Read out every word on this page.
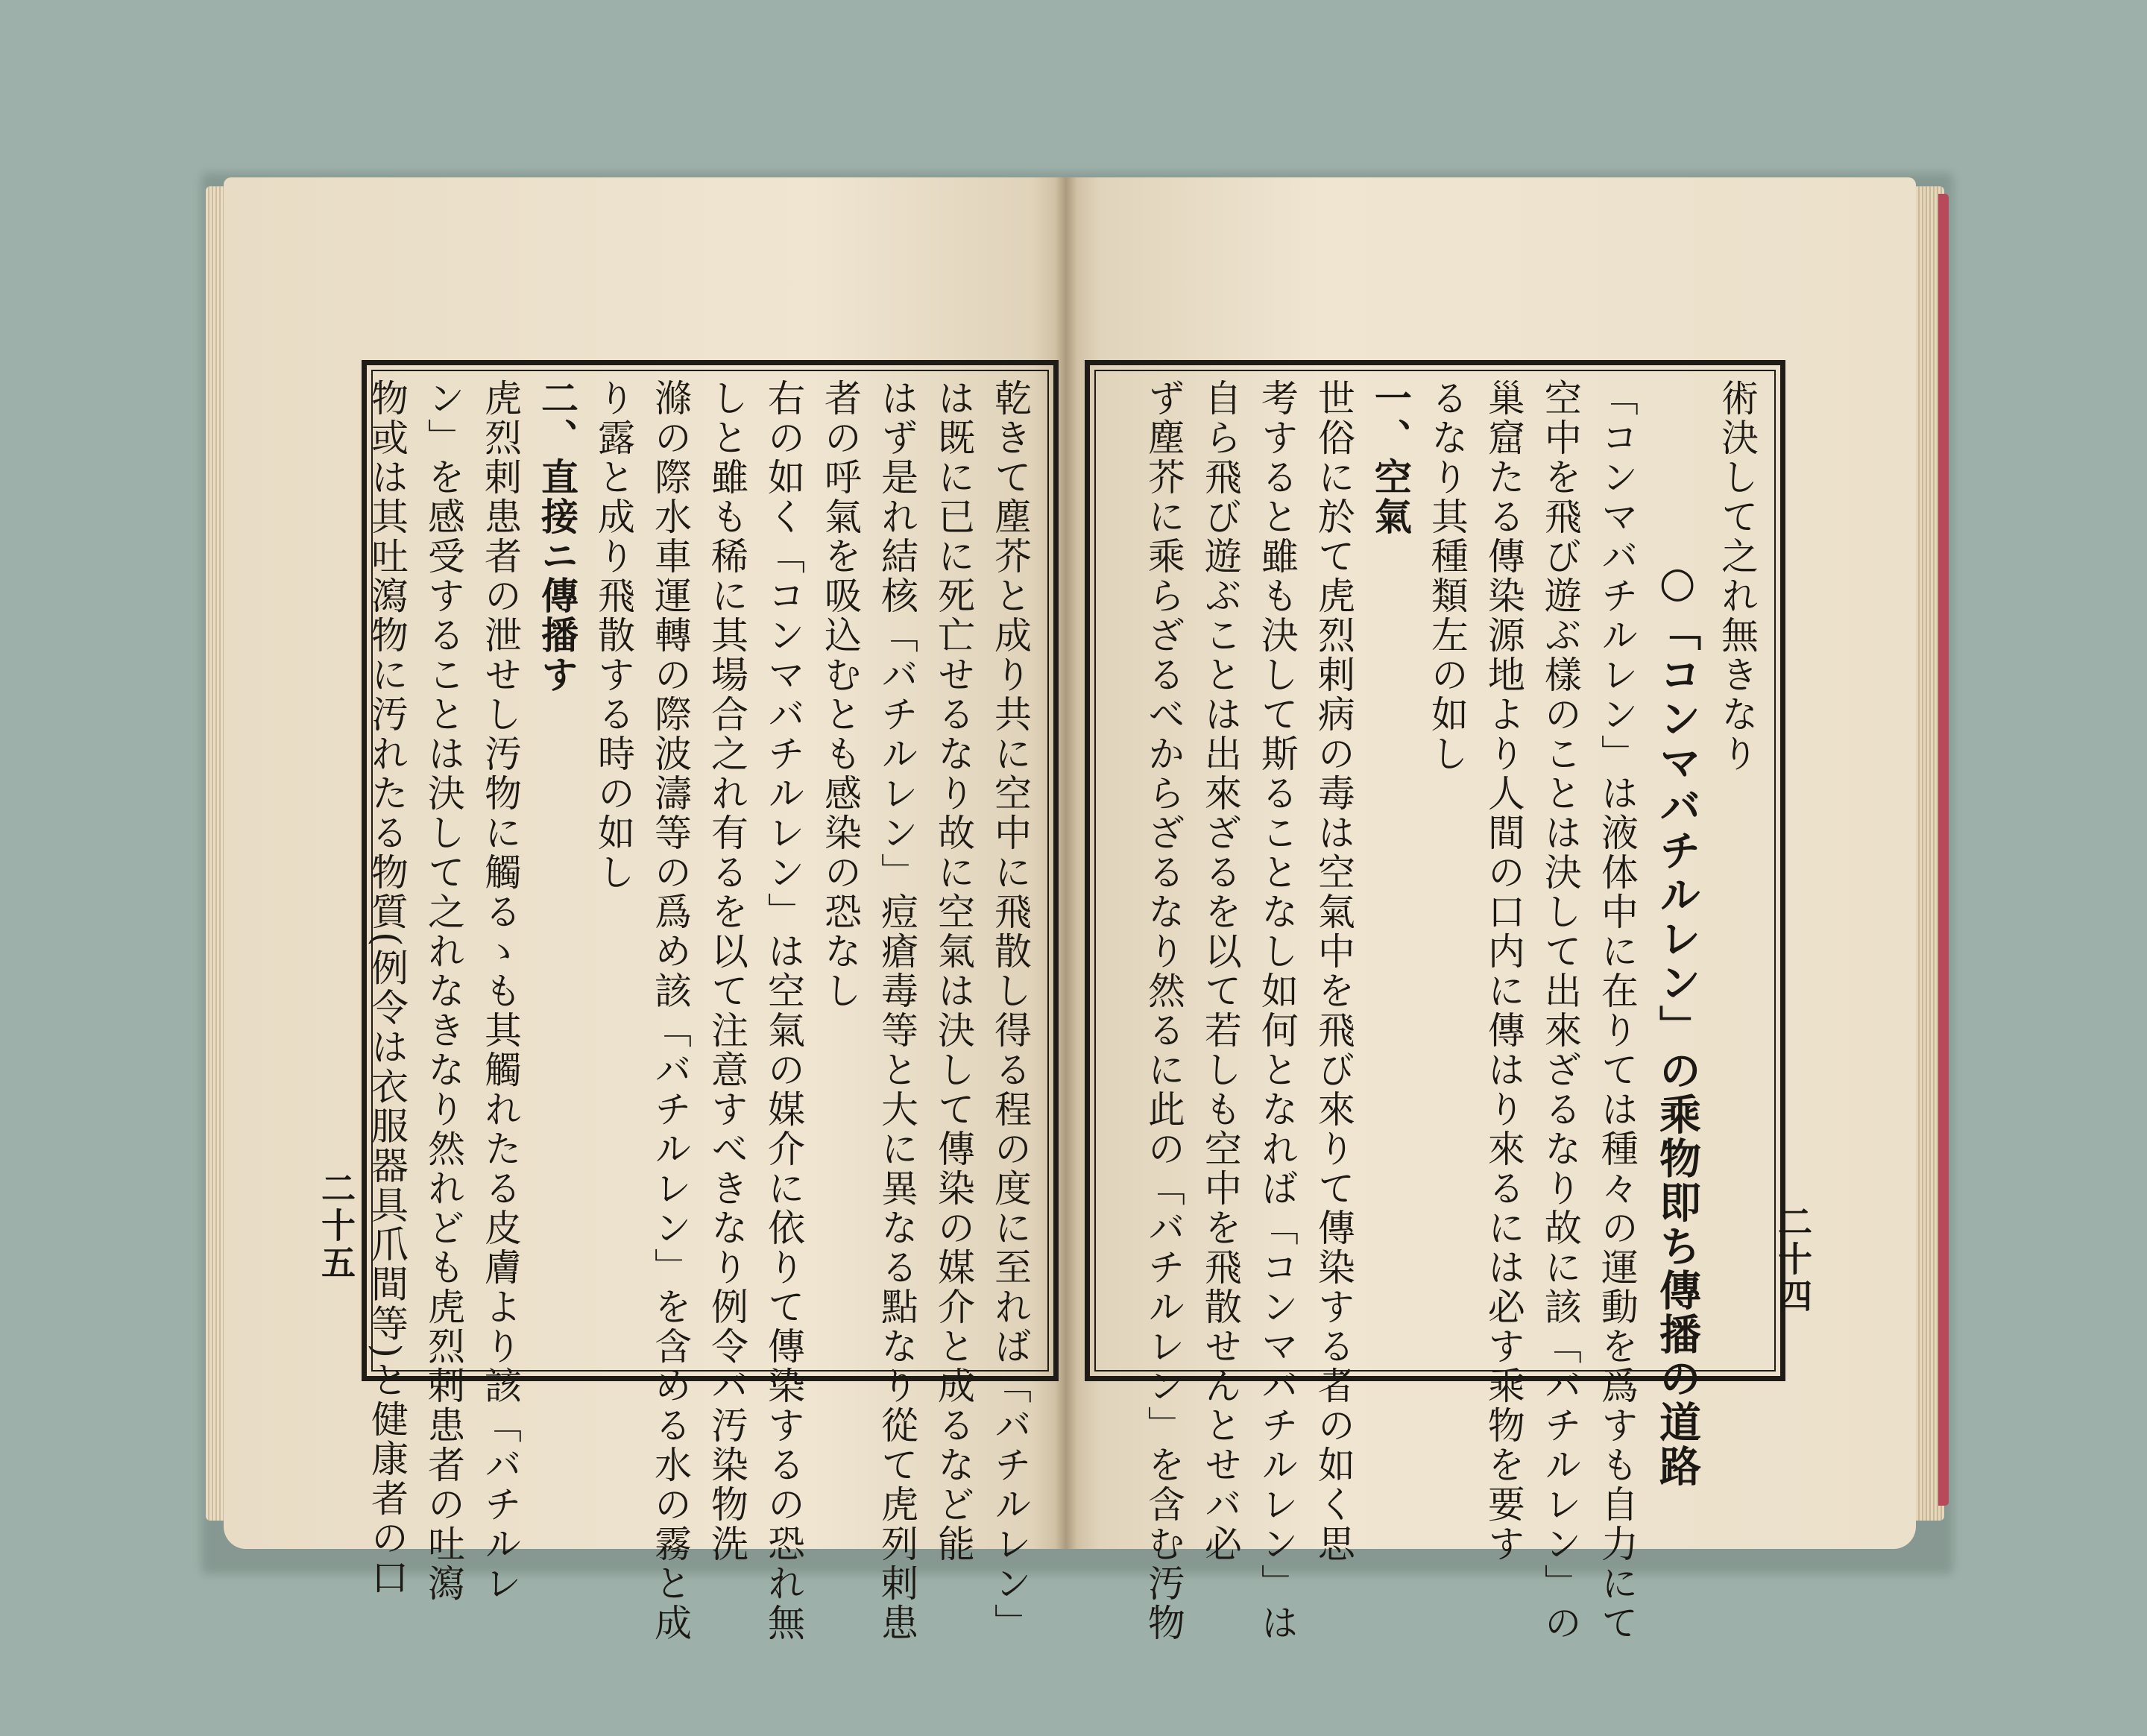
乾きて塵芥と成り共に空中に飛散し得る程の度に至れば「バチルレン」
は既に已に死亡せるなり故に空氣は決して傳染の媒介と成るなど能
はず是れ結核「バチルレン」痘瘡毒等と大に異なる點なり從て虎列剌患
者の呼氣を吸込むとも感染の恐なし
右の如く「コンマバチルレン」は空氣の媒介に依りて傳染するの恐れ無
しと雖も稀に其場合之れ有るを以て注意すべきなり例令バ汚染物洗
滌の際水車運轉の際波濤等の爲め該「バチルレン」を含める水の霧と成
り露と成り飛散する時の如し
二、直接ニ傳播す
虎烈剌患者の泄せし汚物に觸るゝも其觸れたる皮膚より該「バチルレ
ン」を感受することは決して之れなきなり然れども虎烈剌患者の吐瀉
物或は其吐瀉物に汚れたる物質(例令は衣服器具爪間等)と健康者の口	術決して之れ無きなり
○「コンマバチルレン」の乘物即ち傳播の道路
「コンマバチルレン」は液体中に在りては種々の運動を爲すも自力にて
空中を飛び遊ぶ樣のことは決して出來ざるなり故に該「バチルレン」の
巢窟たる傳染源地より人間の口内に傳はり來るには必す乘物を要す
るなり其種類左の如し
一、空氣
世俗に於て虎烈剌病の毒は空氣中を飛び來りて傳染する者の如く思
考すると雖も決して斯ることなし如何となれば「コンマバチルレン」は
自ら飛び遊ぶことは出來ざるを以て若しも空中を飛散せんとせバ必
ず塵芥に乘らざるべからざるなり然るに此の「バチルレン」を含む汚物
二十五	二十四
